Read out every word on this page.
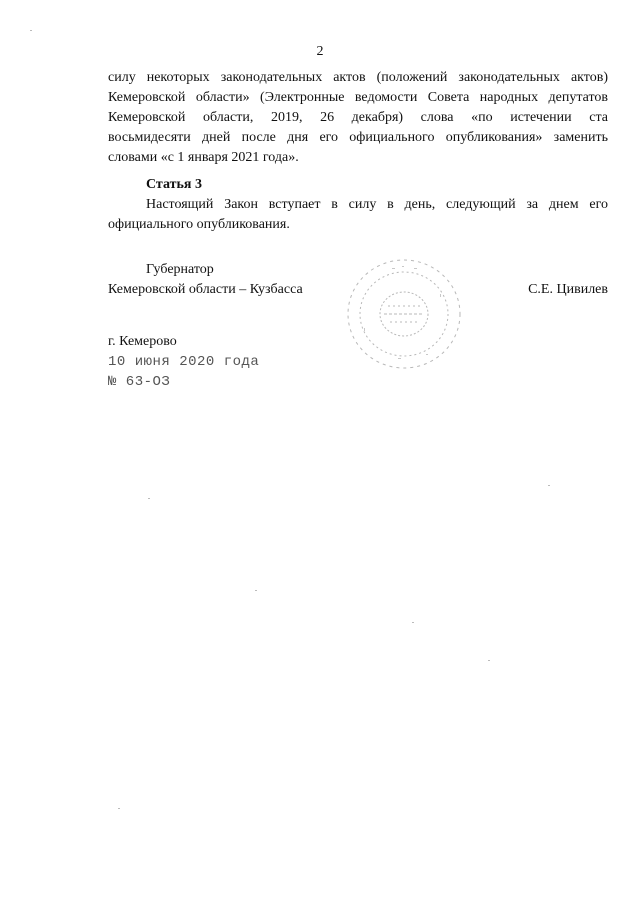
2
силу некоторых законодательных актов (положений законодательных актов)
Кемеровской области» (Электронные ведомости Совета народных депутатов
Кемеровской области, 2019, 26 декабря) слова «по истечении ста
восьмидесяти дней после дня его официального опубликования» заменить
словами «с 1 января 2021 года».
Статья 3
Настоящий Закон вступает в силу в день, следующий за днем его
официального опубликования.
Губернатор
Кемеровской области – Кузбасса	С.Е. Цивилев
г. Кемерово
10 июня 2020 года
№ 63-ОЗ
